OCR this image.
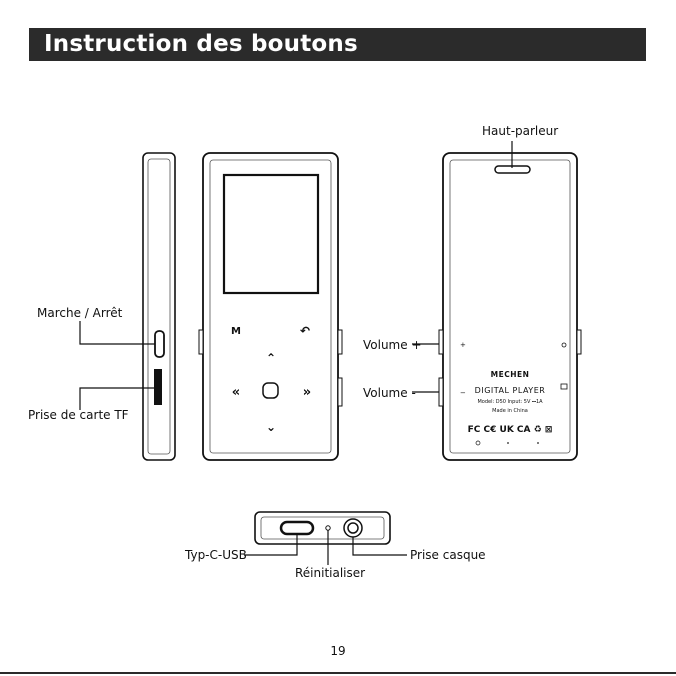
Instruction des boutons
M	↶
⌃
«	»
⌄
+
−
MECHEN
DIGITAL PLAYER
Model: D50 Input: 5V ⎓1A
Made in China
FC C€ UK CA ♻ ⊠
Haut-parleur
Marche / Arrêt
Prise de carte TF
Volume +
Volume -
Typ-C-USB
Réinitialiser
Prise casque
19
